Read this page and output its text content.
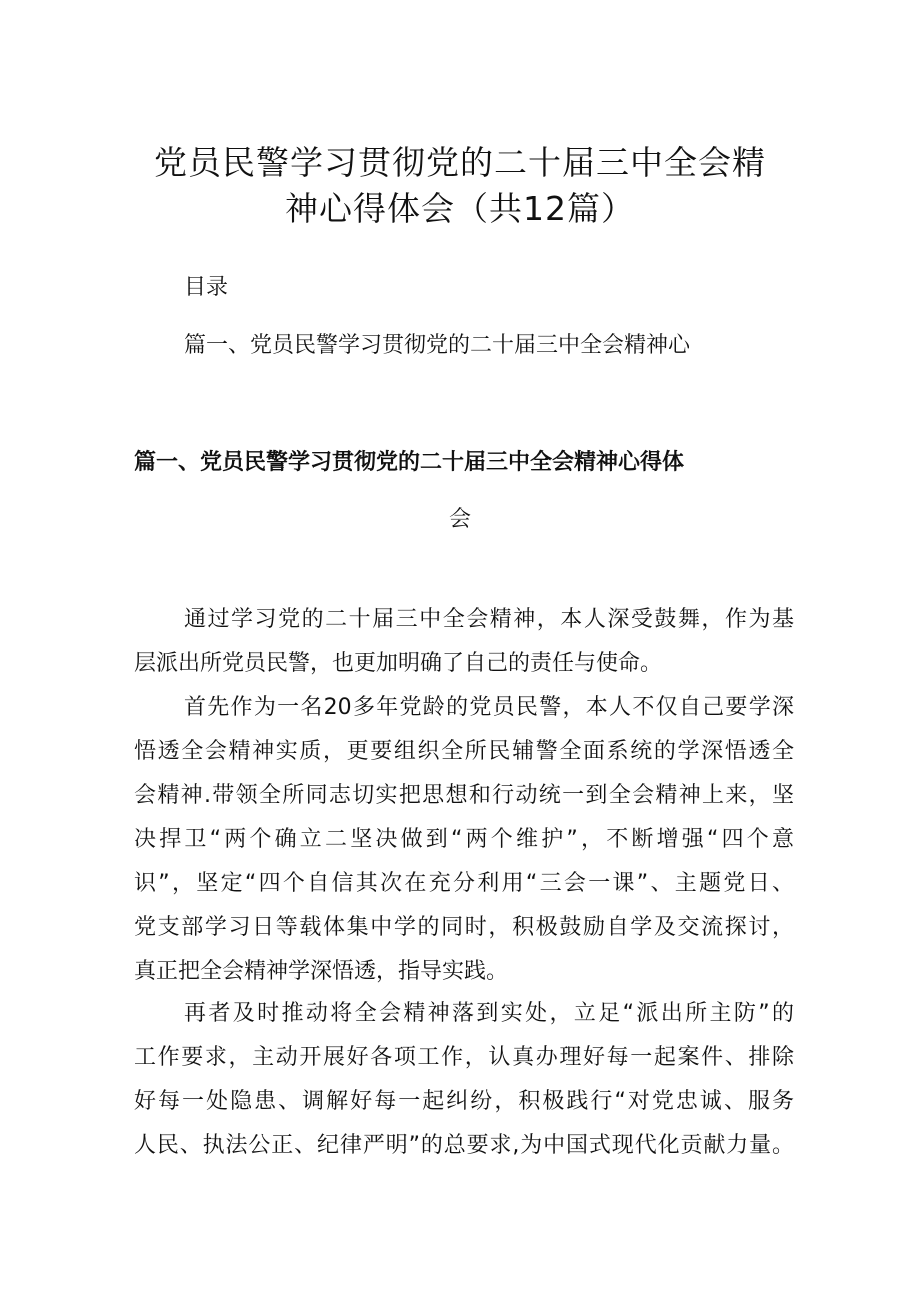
党员民警学习贯彻党的二十届三中全会精
神心得体会（共12篇）
目录
篇一、党员民警学习贯彻党的二十届三中全会精神心
篇一、党员民警学习贯彻党的二十届三中全会精神心得体
会
通过学习党的二十届三中全会精神，本人深受鼓舞，作为基
层派出所党员民警，也更加明确了自己的责任与使命。
首先作为一名20多年党龄的党员民警，本人不仅自己要学深
悟透全会精神实质，更要组织全所民辅警全面系统的学深悟透全
会精神.带领全所同志切实把思想和行动统一到全会精神上来，坚
决捍卫“两个确立二坚决做到“两个维护”，不断增强“四个意
识”，坚定“四个自信其次在充分利用“三会一课”、主题党日、
党支部学习日等载体集中学的同时，积极鼓励自学及交流探讨，
真正把全会精神学深悟透，指导实践。
再者及时推动将全会精神落到实处，立足“派出所主防”的
工作要求，主动开展好各项工作，认真办理好每一起案件、排除
好每一处隐患、调解好每一起纠纷，积极践行“对党忠诚、服务
人民、执法公正、纪律严明”的总要求,为中国式现代化贡献力量。
